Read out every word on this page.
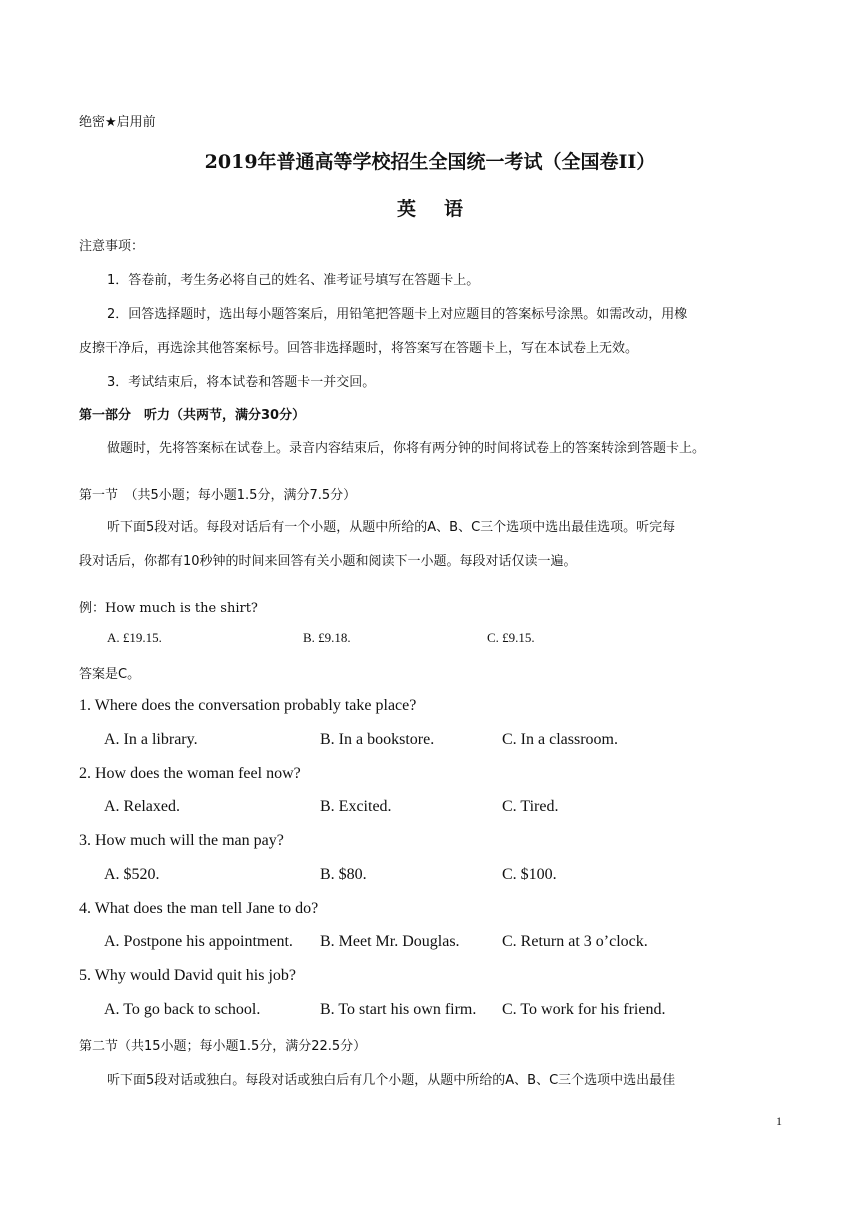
绝密★启用前
2019年普通高等学校招生全国统一考试（全国卷II）
英语
注意事项：
1．答卷前，考生务必将自己的姓名、准考证号填写在答题卡上。
2．回答选择题时，选出每小题答案后，用铅笔把答题卡上对应题目的答案标号涂黑。如需改动，用橡
皮擦干净后，再选涂其他答案标号。回答非选择题时，将答案写在答题卡上，写在本试卷上无效。
3．考试结束后，将本试卷和答题卡一并交回。
第一部分　听力（共两节，满分30分）
做题时，先将答案标在试卷上。录音内容结束后，你将有两分钟的时间将试卷上的答案转涂到答题卡上。
第一节　（共5小题；每小题1.5分，满分7.5分）
听下面5段对话。每段对话后有一个小题，从题中所给的A、B、C三个选项中选出最佳选项。听完每
段对话后，你都有10秒钟的时间来回答有关小题和阅读下一小题。每段对话仅读一遍。
例：How much is the shirt?
A. £19.15.	B. £9.18.	C. £9.15.
答案是C。
1. Where does the conversation probably take place?
A. In a library.	B. In a bookstore.	C. In a classroom.
2. How does the woman feel now?
A. Relaxed.	B. Excited.	C. Tired.
3. How much will the man pay?
A. $520.	B. $80.	C. $100.
4. What does the man tell Jane to do?
A. Postpone his appointment. B. Meet Mr. Douglas.	C. Return at 3 o’clock.
5. Why would David quit his job?
A. To go back to school.	B. To start his own firm. C. To work for his friend.
第二节（共15小题；每小题1.5分，满分22.5分）
听下面5段对话或独白。每段对话或独白后有几个小题，从题中所给的A、B、C三个选项中选出最佳
1
